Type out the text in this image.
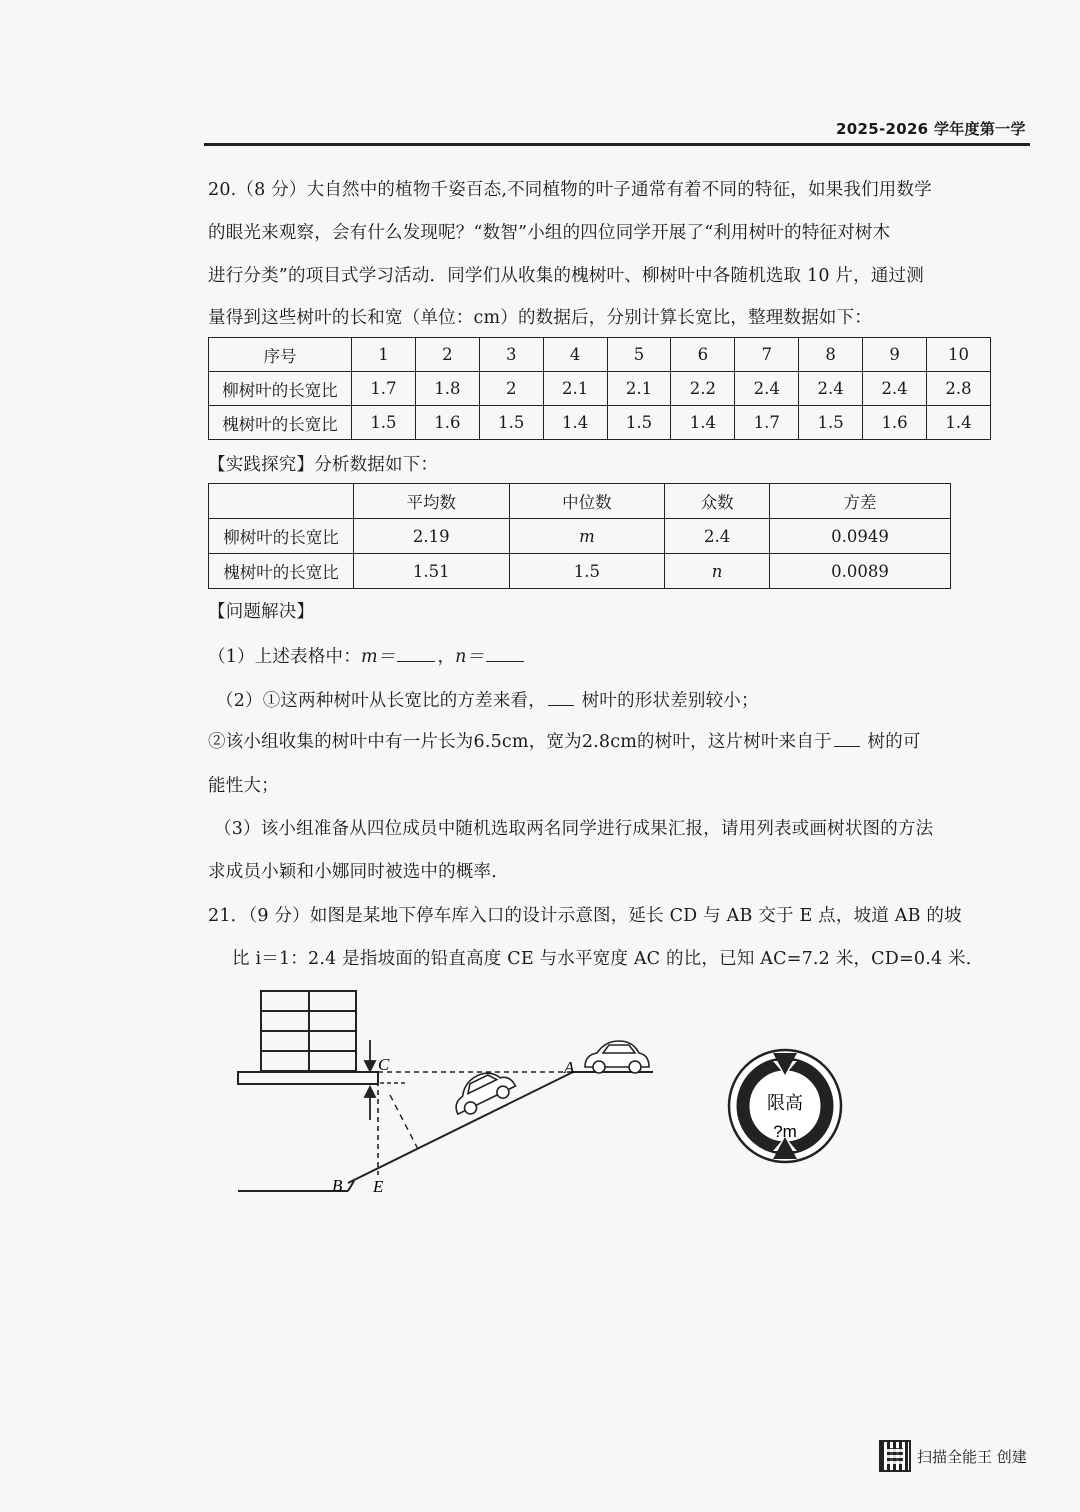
2025-2026 学年度第一学
20.（8 分）大自然中的植物千姿百态,不同植物的叶子通常有着不同的特征，如果我们用数学
的眼光来观察，会有什么发现呢？“数智”小组的四位同学开展了“利用树叶的特征对树木
进行分类”的项目式学习活动．同学们从收集的槐树叶、柳树叶中各随机选取 10 片，通过测
量得到这些树叶的长和宽（单位：cm）的数据后，分别计算长宽比，整理数据如下：
序号	1	2	3	4	5	6	7	8	9	10
柳树叶的长宽比	1.7	1.8	2	2.1	2.1	2.2	2.4	2.4	2.4	2.8
槐树叶的长宽比	1.5	1.6	1.5	1.4	1.5	1.4	1.7	1.5	1.6	1.4
【实践探究】分析数据如下：
	平均数	中位数	众数	方差
柳树叶的长宽比	2.19	m	2.4	0.0949
槐树叶的长宽比	1.51	1.5	n	0.0089
【问题解决】
（1）上述表格中：m＝ ，n＝
（2）①这两种树叶从长宽比的方差来看， 树叶的形状差别较小；
②该小组收集的树叶中有一片长为6.5cm，宽为2.8cm的树叶，这片树叶来自于 树的可
能性大；
（3）该小组准备从四位成员中随机选取两名同学进行成果汇报，请用列表或画树状图的方法
求成员小颖和小娜同时被选中的概率．
21．（9 分）如图是某地下停车库入口的设计示意图，延长 CD 与 AB 交于 E 点，坡道 AB 的坡
比 i＝1：2.4 是指坡面的铅直高度 CE 与水平宽度 AC 的比，已知 AC=7.2 米，CD=0.4 米．
C	A
B E
限高
?m
扫描全能王 创建
